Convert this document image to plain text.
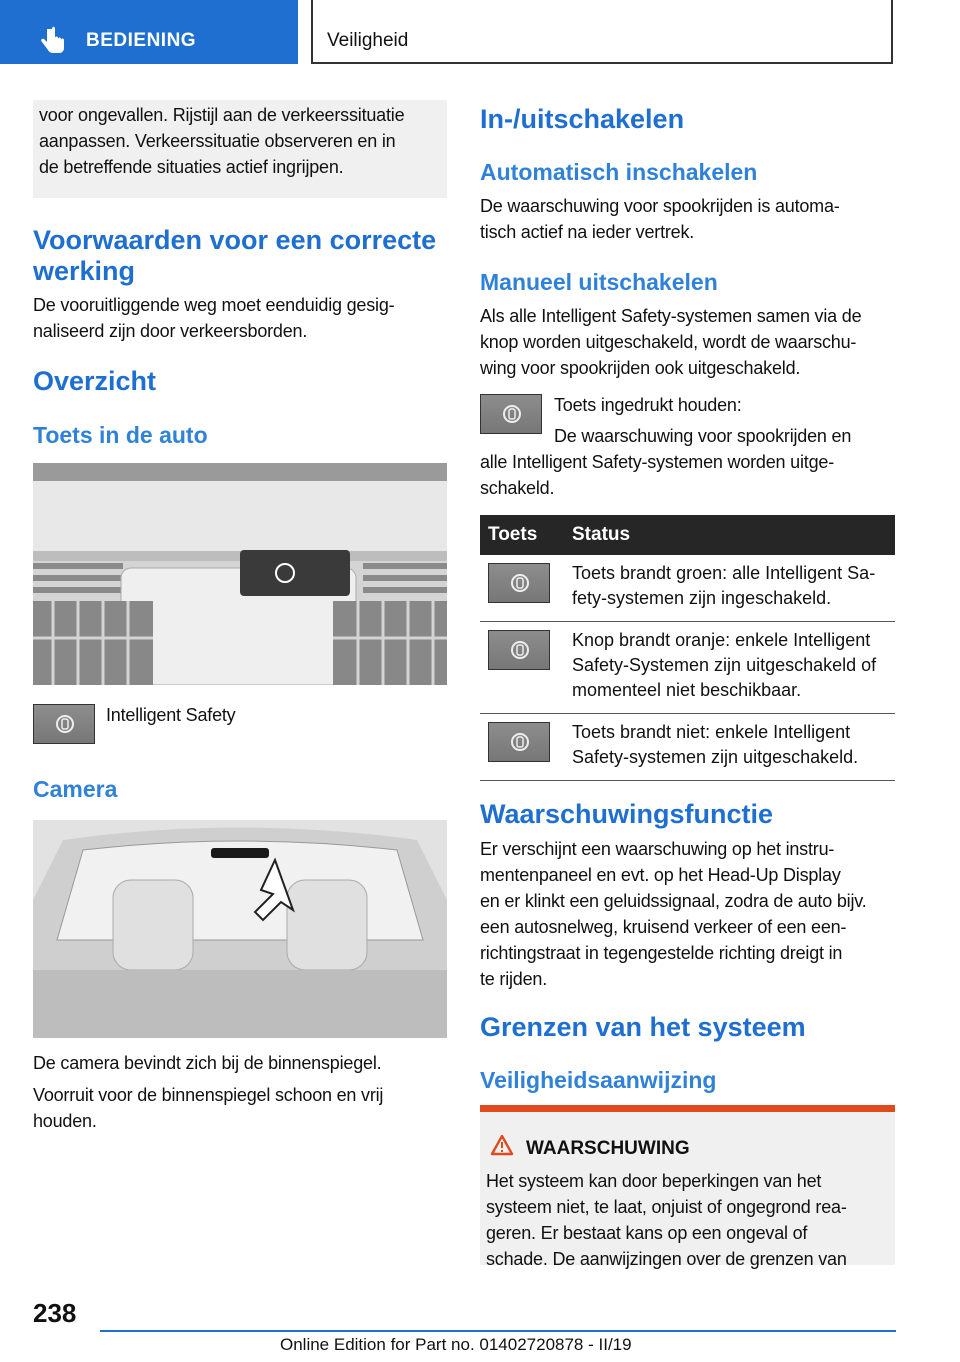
BEDIENING	Veiligheid

voor ongevallen. Rijstijl aan de verkeerssituatie

aanpassen. Verkeerssituatie observeren en in

de betreffende situaties actief ingrijpen.

Voorwaarden voor een correcte
werking

De vooruitliggende weg moet eenduidig gesig-

naliseerd zijn door verkeersborden.

Overzicht
Toets in de auto

Intelligent Safety

Camera

De camera bevindt zich bij de binnenspiegel.

Voorruit voor de binnenspiegel schoon en vrij

houden.

In-/uitschakelen
Automatisch inschakelen

De waarschuwing voor spookrijden is automa-

tisch actief na ieder vertrek.

Manueel uitschakelen

Als alle Intelligent Safety-systemen samen via de

knop worden uitgeschakeld, wordt de waarschu-

wing voor spookrijden ook uitgeschakeld.

Toets ingedrukt houden:

De waarschuwing voor spookrijden en

alle Intelligent Safety-systemen worden uitge-

schakeld.

Toets	Status

Toets brandt groen: alle Intelligent Sa-
fety-systemen zijn ingeschakeld.

Knop brandt oranje: enkele Intelligent
Safety-Systemen zijn uitgeschakeld of
momenteel niet beschikbaar.

Toets brandt niet: enkele Intelligent
Safety-systemen zijn uitgeschakeld.
Waarschuwingsfunctie

Er verschijnt een waarschuwing op het instru-

mentenpaneel en evt. op het Head-Up Display

en er klinkt een geluidssignaal, zodra de auto bijv.

een autosnelweg, kruisend verkeer of een een-

richtingstraat in tegengestelde richting dreigt in

te rijden.

Grenzen van het systeem
Veiligheidsaanwijzing
WAARSCHUWING

Het systeem kan door beperkingen van het

systeem niet, te laat, onjuist of ongegrond rea-

geren. Er bestaat kans op een ongeval of

schade. De aanwijzingen over de grenzen van

238
Online Edition for Part no. 01402720878 - II/19
